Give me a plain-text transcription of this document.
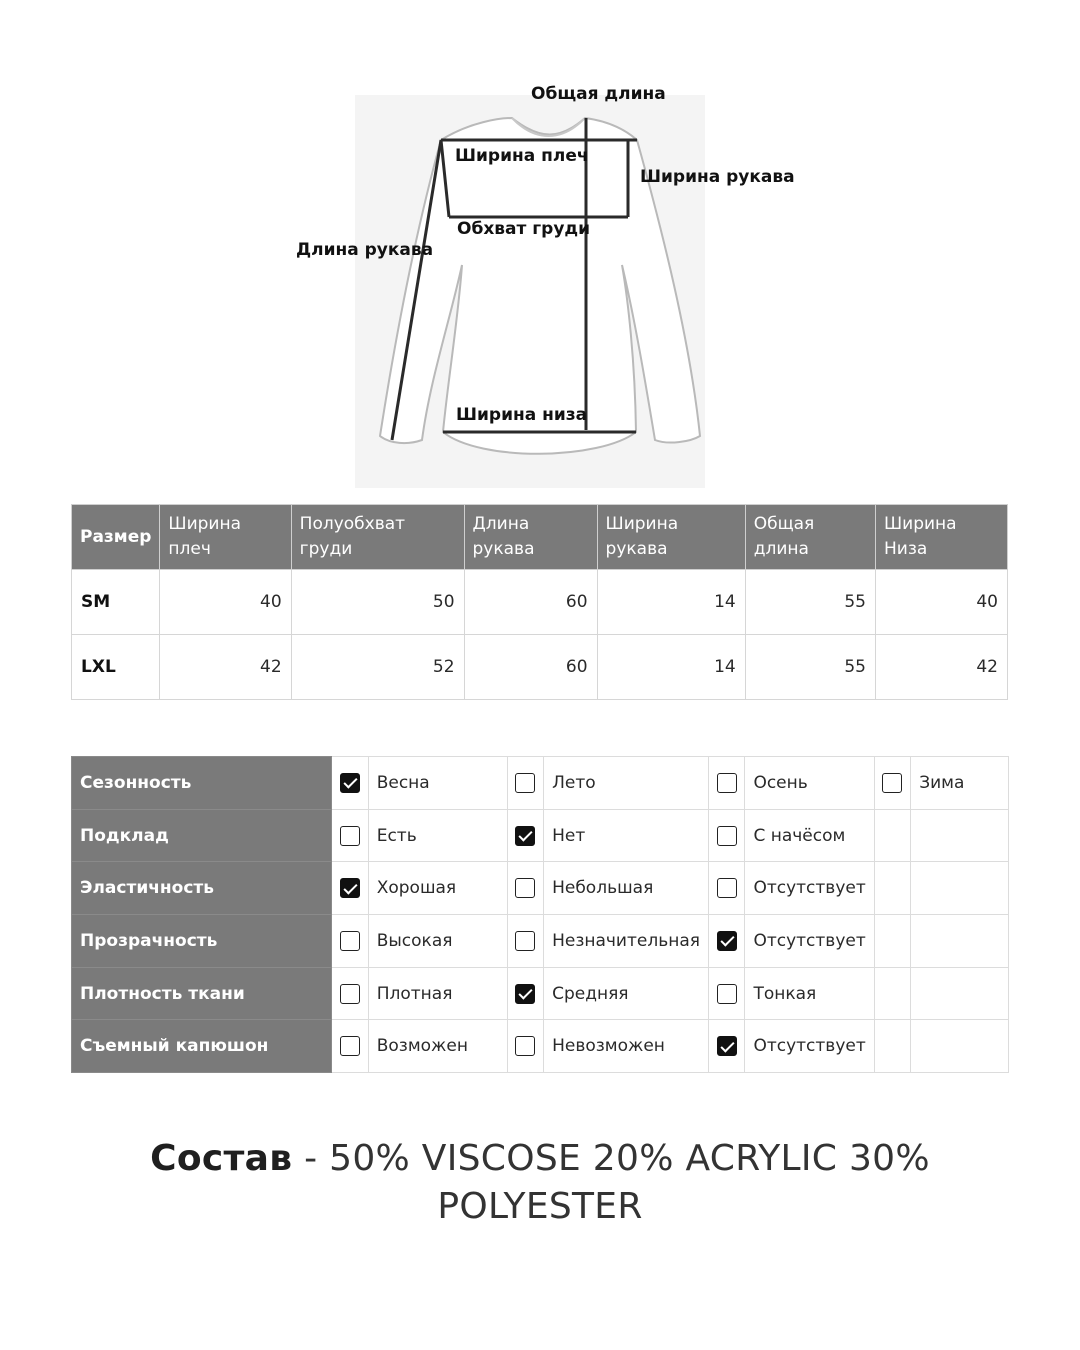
Общая длина
Ширина плеч
Ширина рукава
Обхват груди
Длина рукава
Ширина низа
Размер	Ширина плеч	Полуобхват груди	Длина рукава	Ширина рукава	Общая длина	Ширина Низа
SM	40	50	60	14	55	40
LXL	42	52	60	14	55	42
Сезонность		Весна		Лето		Осень		Зима
Подклад		Есть		Нет		С начёсом		
Эластичность		Хорошая		Небольшая		Отсутствует		
Прозрачность		Высокая		Незначительная		Отсутствует		
Плотность ткани		Плотная		Средняя		Тонкая		
Съемный капюшон		Возможен		Невозможен		Отсутствует		
Состав - 50% VISCOSE 20% ACRYLIC 30% POLYESTER
